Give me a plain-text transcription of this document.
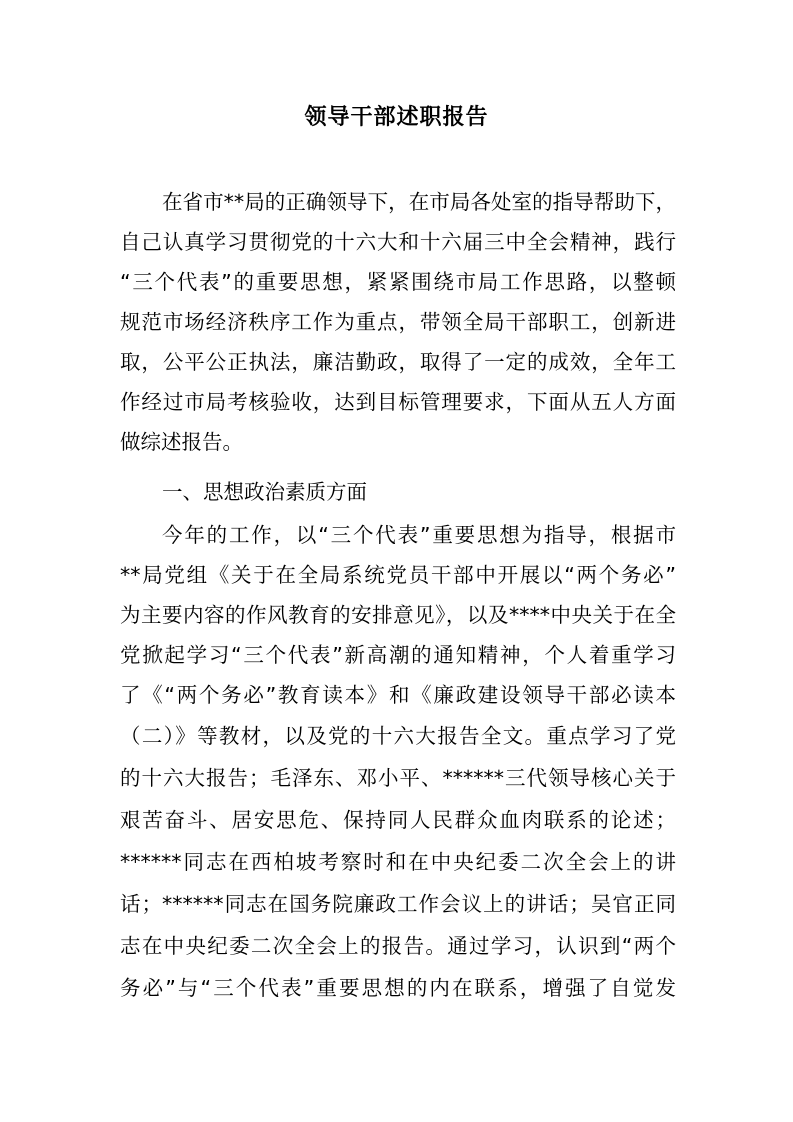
领导干部述职报告
在省市**局的正确领导下，在市局各处室的指导帮助下，
自己认真学习贯彻党的十六大和十六届三中全会精神，践行
“三个代表”的重要思想，紧紧围绕市局工作思路，以整顿
规范市场经济秩序工作为重点，带领全局干部职工，创新进
取，公平公正执法，廉洁勤政，取得了一定的成效，全年工
作经过市局考核验收，达到目标管理要求，下面从五人方面
做综述报告。
一、思想政治素质方面
今年的工作，以“三个代表”重要思想为指导，根据市
**局党组《关于在全局系统党员干部中开展以“两个务必”
为主要内容的作风教育的安排意见》，以及****中央关于在全
党掀起学习“三个代表”新高潮的通知精神，个人着重学习
了《“两个务必”教育读本》和《廉政建设领导干部必读本
（二）》等教材，以及党的十六大报告全文。重点学习了党
的十六大报告；毛泽东、邓小平、******三代领导核心关于
艰苦奋斗、居安思危、保持同人民群众血肉联系的论述；
******同志在西柏坡考察时和在中央纪委二次全会上的讲
话；******同志在国务院廉政工作会议上的讲话；吴官正同
志在中央纪委二次全会上的报告。通过学习，认识到“两个
务必”与“三个代表”重要思想的内在联系，增强了自觉发
